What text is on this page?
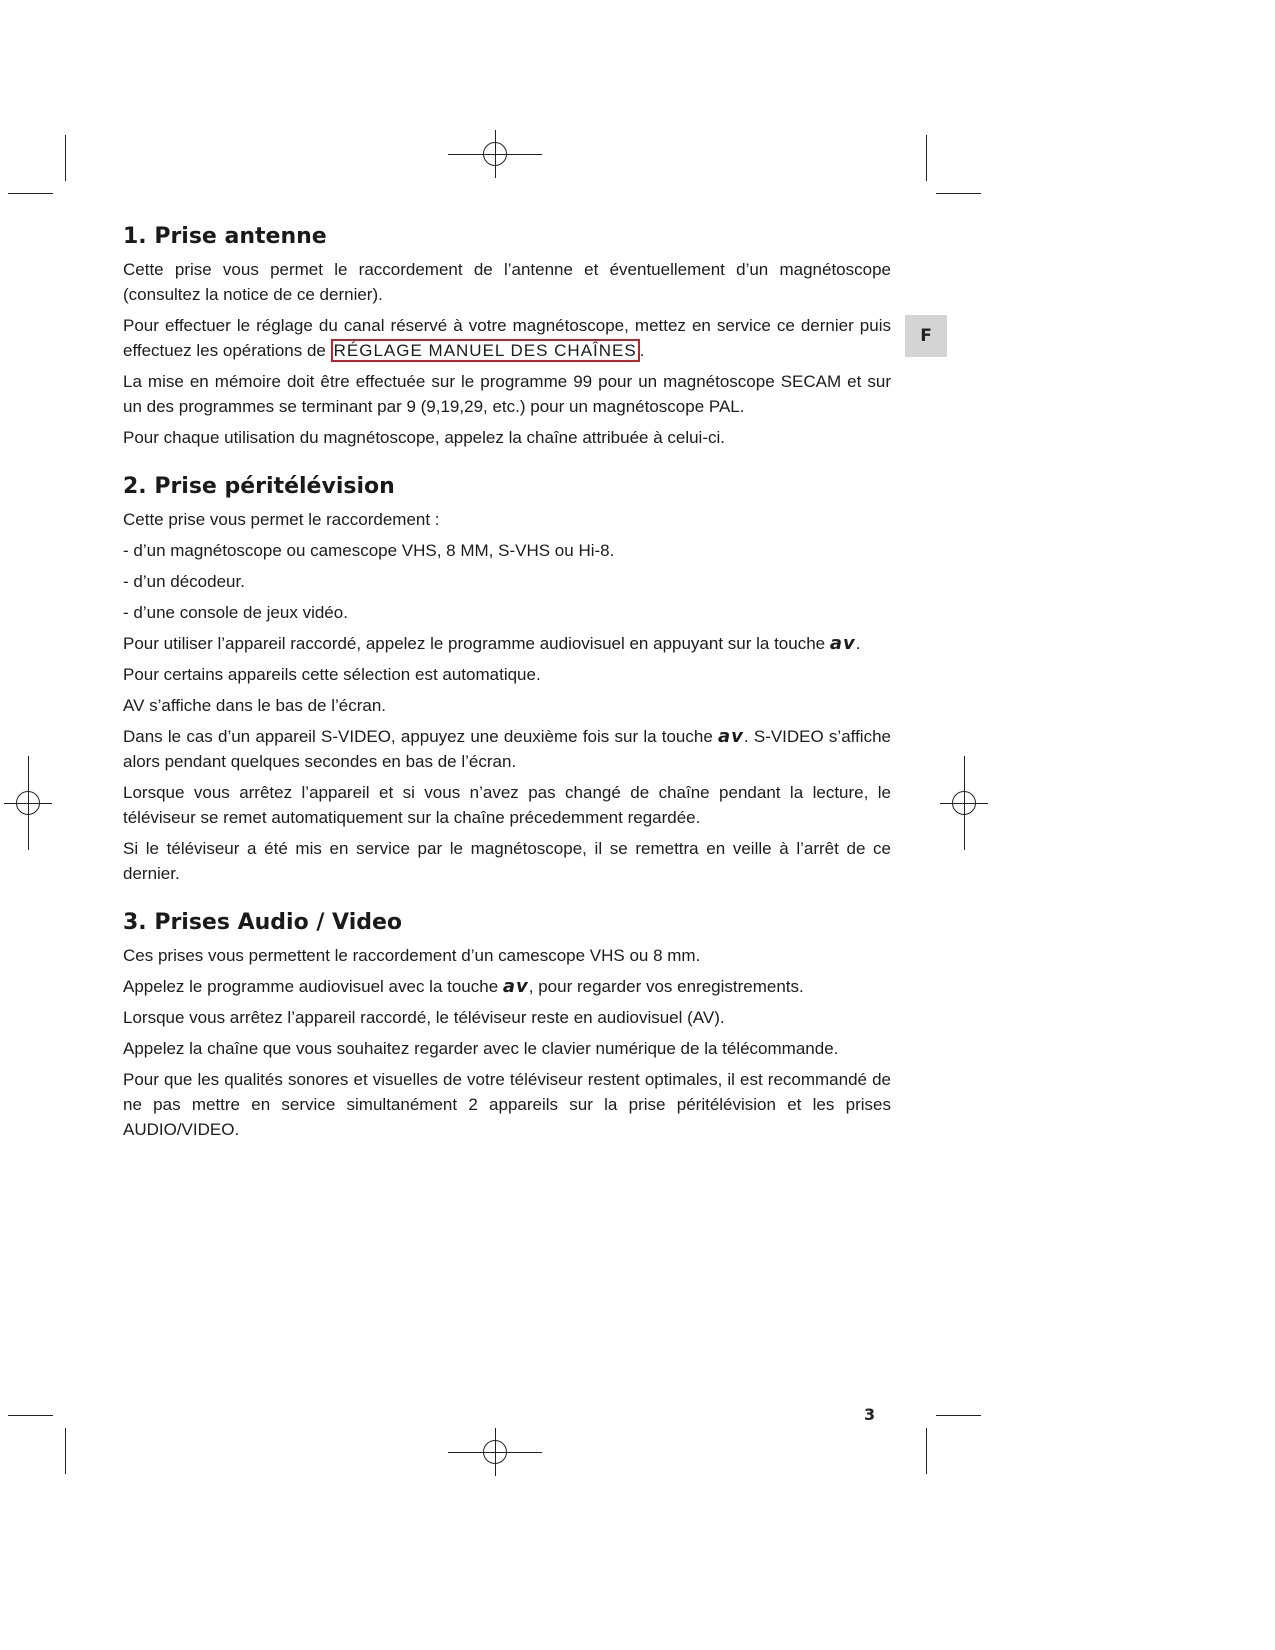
F
1. Prise antenne

Cette prise vous permet le raccordement de l’antenne et éventuellement d’un magnétoscope (consultez la notice de ce dernier).

Pour effectuer le réglage du canal réservé à votre magnétoscope, mettez en service ce dernier puis effectuez les opérations de RÉGLAGE MANUEL DES CHAÎNES .

La mise en mémoire doit être effectuée sur le programme 99 pour un magnétoscope SECAM et sur un des programmes se terminant par 9 (9,19,29, etc.) pour un magnétoscope PAL.

Pour chaque utilisation du magnétoscope, appelez la chaîne attribuée à celui-ci.

2. Prise péritélévision

Cette prise vous permet le raccordement :

- d’un magnétoscope ou camescope VHS, 8 MM, S-VHS ou Hi-8.

- d’un décodeur.

- d’une console de jeux vidéo.

Pour utiliser l’appareil raccordé, appelez le programme audiovisuel en appuyant sur la touche av.

Pour certains appareils cette sélection est automatique.

AV s’affiche dans le bas de l’écran.

Dans le cas d’un appareil S-VIDEO, appuyez une deuxième fois sur la touche av. S-VIDEO s’affiche alors pendant quelques secondes en bas de l’écran.

Lorsque vous arrêtez l’appareil et si vous n’avez pas changé de chaîne pendant la lecture, le téléviseur se remet automatiquement sur la chaîne précedemment regardée.

Si le téléviseur a été mis en service par le magnétoscope, il se remettra en veille à l’arrêt de ce dernier.

3. Prises Audio / Video

Ces prises vous permettent le raccordement d’un camescope VHS ou 8 mm.

Appelez le programme audiovisuel avec la touche av, pour regarder vos enregistrements.

Lorsque vous arrêtez l’appareil raccordé, le téléviseur reste en audiovisuel (AV).

Appelez la chaîne que vous souhaitez regarder avec le clavier numérique de la télécommande.

Pour que les qualités sonores et visuelles de votre téléviseur restent optimales, il est recommandé de ne pas mettre en service simultanément 2 appareils sur la prise péritélévision et les prises AUDIO/VIDEO.

3
